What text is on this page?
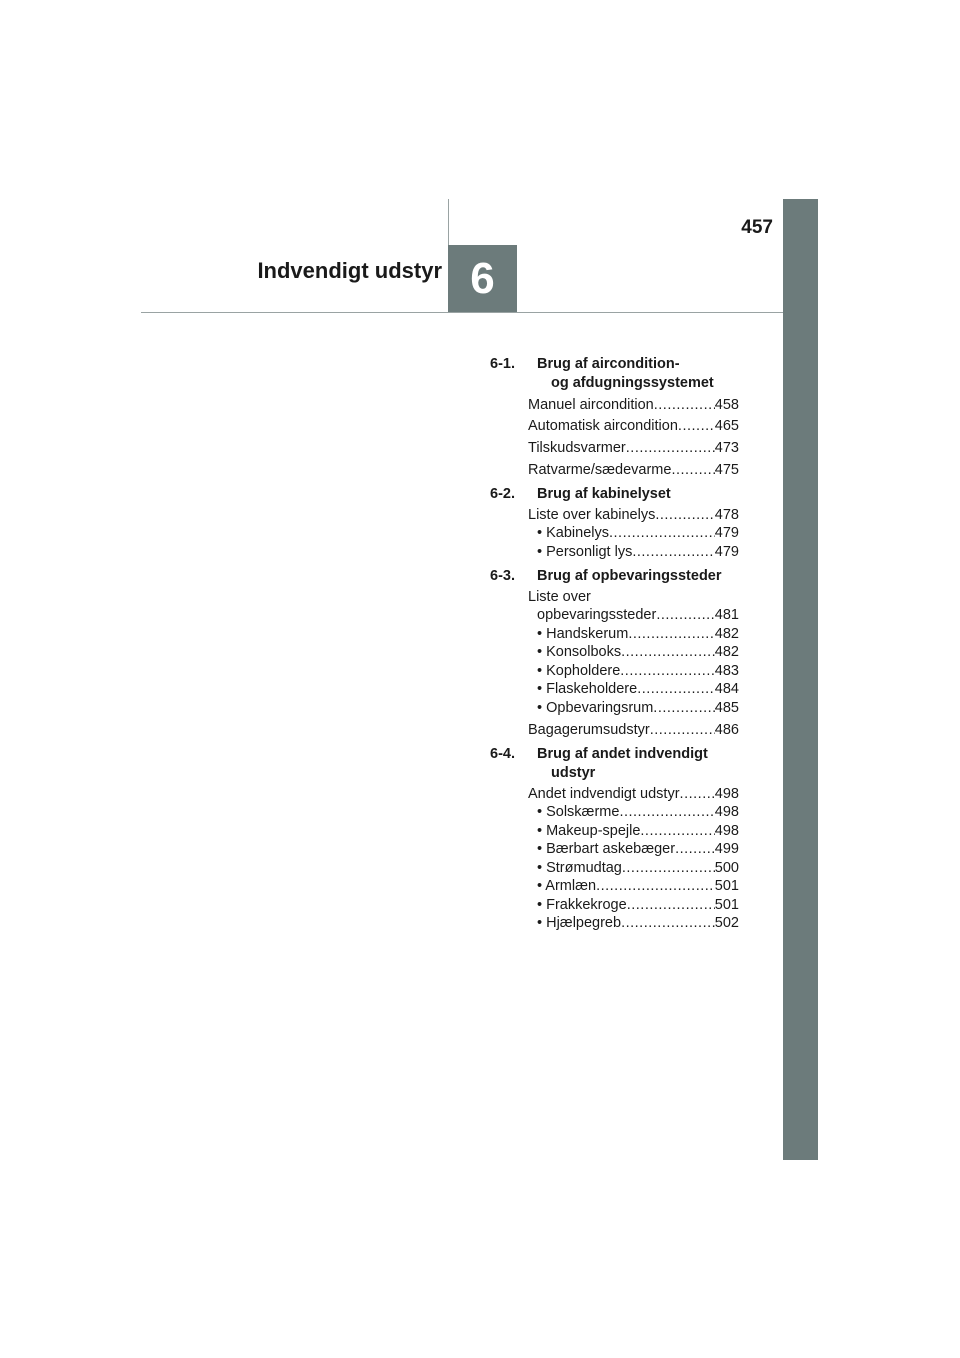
457
6
Indvendigt udstyr
6-1. Brug af aircondition-
og afdugningssystemet
Manuel aircondition .....	458
Automatisk aircondition .....	465
Tilskudsvarmer .....	473
Ratvarme/sædevarme .....	475
6-2. Brug af kabinelyset
Liste over kabinelys .....	478
• Kabinelys .....	479
• Personligt lys .....	479
6-3. Brug af opbevaringssteder
Liste over
opbevaringssteder .....	481
• Handskerum .....	482
• Konsolboks .....	482
• Kopholdere .....	483
• Flaskeholdere .....	484
• Opbevaringsrum .....	485
Bagagerumsudstyr .....	486
6-4. Brug af andet indvendigt
udstyr
Andet indvendigt udstyr ..... 498
• Solskærme .....	498
• Makeup-spejle .....	498
• Bærbart askebæger .....	499
• Strømudtag .....	500
• Armlæn .....	501
• Frakkekroge .....	501
• Hjælpegreb .....	502
